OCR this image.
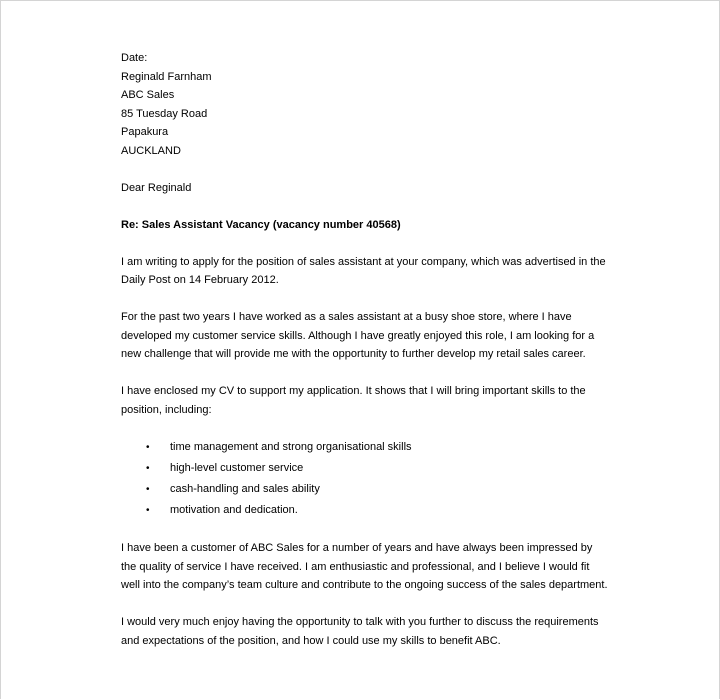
Date:
Reginald Farnham
ABC Sales
85 Tuesday Road
Papakura
AUCKLAND
Dear Reginald
Re: Sales Assistant Vacancy (vacancy number 40568)
I am writing to apply for the position of sales assistant at your company, which was advertised in the
Daily Post on 14 February 2012.
For the past two years I have worked as a sales assistant at a busy shoe store, where I have
developed my customer service skills. Although I have greatly enjoyed this role, I am looking for a
new challenge that will provide me with the opportunity to further develop my retail sales career.
I have enclosed my CV to support my application. It shows that I will bring important skills to the
position, including:
• time management and strong organisational skills
• high-level customer service
• cash-handling and sales ability
• motivation and dedication.
I have been a customer of ABC Sales for a number of years and have always been impressed by
the quality of service I have received. I am enthusiastic and professional, and I believe I would fit
well into the company’s team culture and contribute to the ongoing success of the sales department.
I would very much enjoy having the opportunity to talk with you further to discuss the requirements
and expectations of the position, and how I could use my skills to benefit ABC.
